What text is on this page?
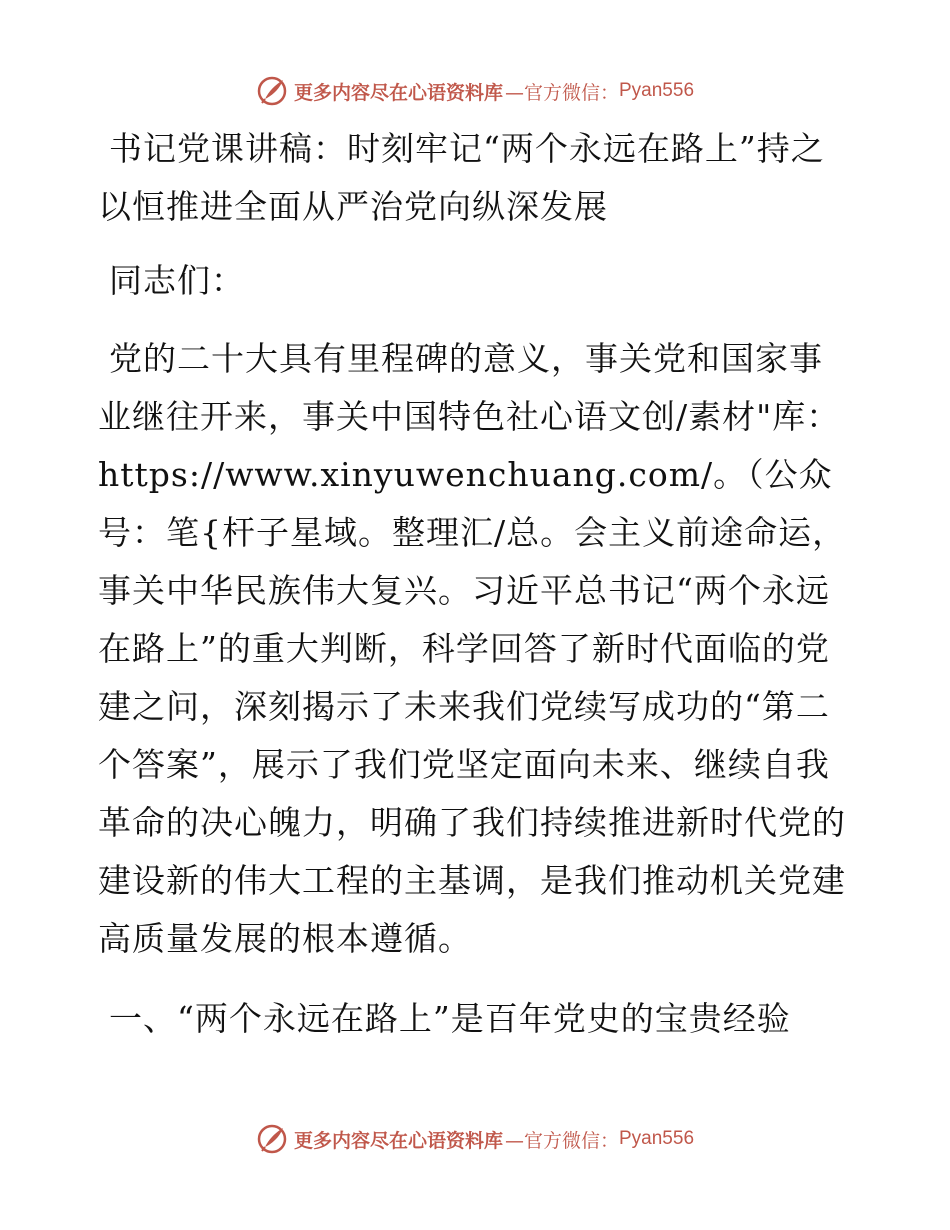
更多内容尽在心语资料库 —官方微信： Pyan556
书记党课讲稿：时刻牢记“两个永远在路上”持之以恒推进全面从严治党向纵深发展

同志们：

党的二十大具有里程碑的意义，事关党和国家事业继往开来，事关中国特色社心语文创/素材"库：https://www.xinyuwenchuang.com/。（公众号：笔{杆子星域。整理汇/总。会主义前途命运，事关中华民族伟大复兴。习近平总书记“两个永远在路上”的重大判断，科学回答了新时代面临的党建之问，深刻揭示了未来我们党续写成功的“第二个答案”，展示了我们党坚定面向未来、继续自我革命的决心魄力，明确了我们持续推进新时代党的建设新的伟大工程的主基调，是我们推动机关党建高质量发展的根本遵循。

一、“两个永远在路上”是百年党史的宝贵经验

更多内容尽在心语资料库 —官方微信： Pyan556
